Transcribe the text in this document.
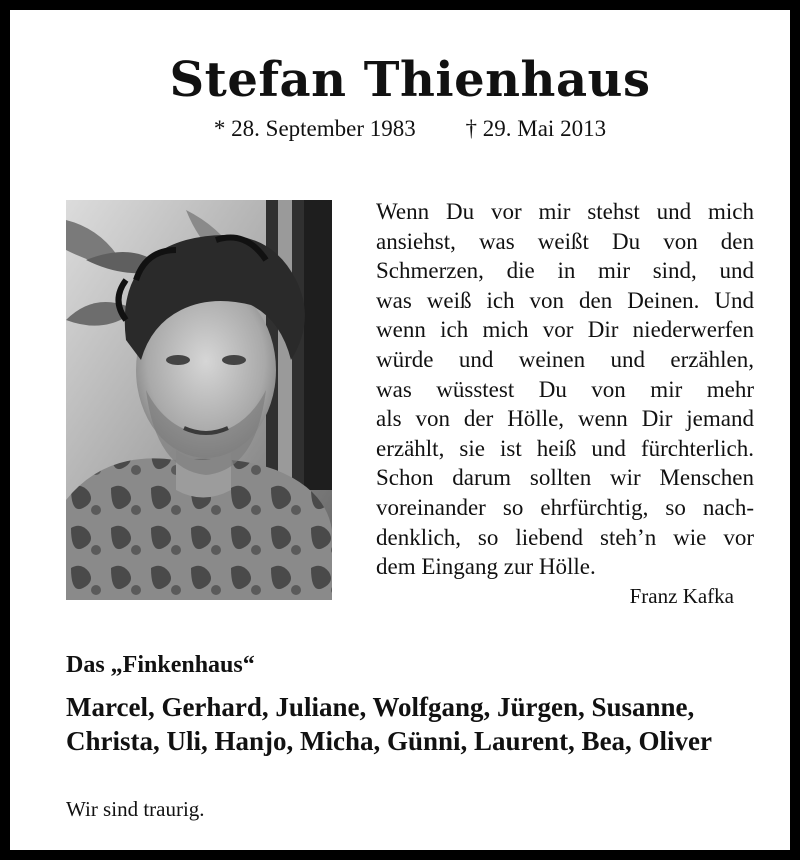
Stefan Thienhaus
* 28. September 1983 † 29. Mai 2013
Wenn Du vor mir stehst und mich
ansiehst, was weißt Du von den
Schmerzen, die in mir sind, und
was weiß ich von den Deinen. Und
wenn ich mich vor Dir niederwerfen
würde und weinen und erzählen,
was wüsstest Du von mir mehr
als von der Hölle, wenn Dir jemand
erzählt, sie ist heiß und fürchterlich.
Schon darum sollten wir Menschen
voreinander so ehrfürchtig, so nach-
denklich, so liebend steh’n wie vor
dem Eingang zur Hölle.
Franz Kafka
Das „Finkenhaus“
Marcel, Gerhard, Juliane, Wolfgang, Jürgen, Susanne,
Christa, Uli, Hanjo, Micha, Günni, Laurent, Bea, Oliver
Wir sind traurig.
